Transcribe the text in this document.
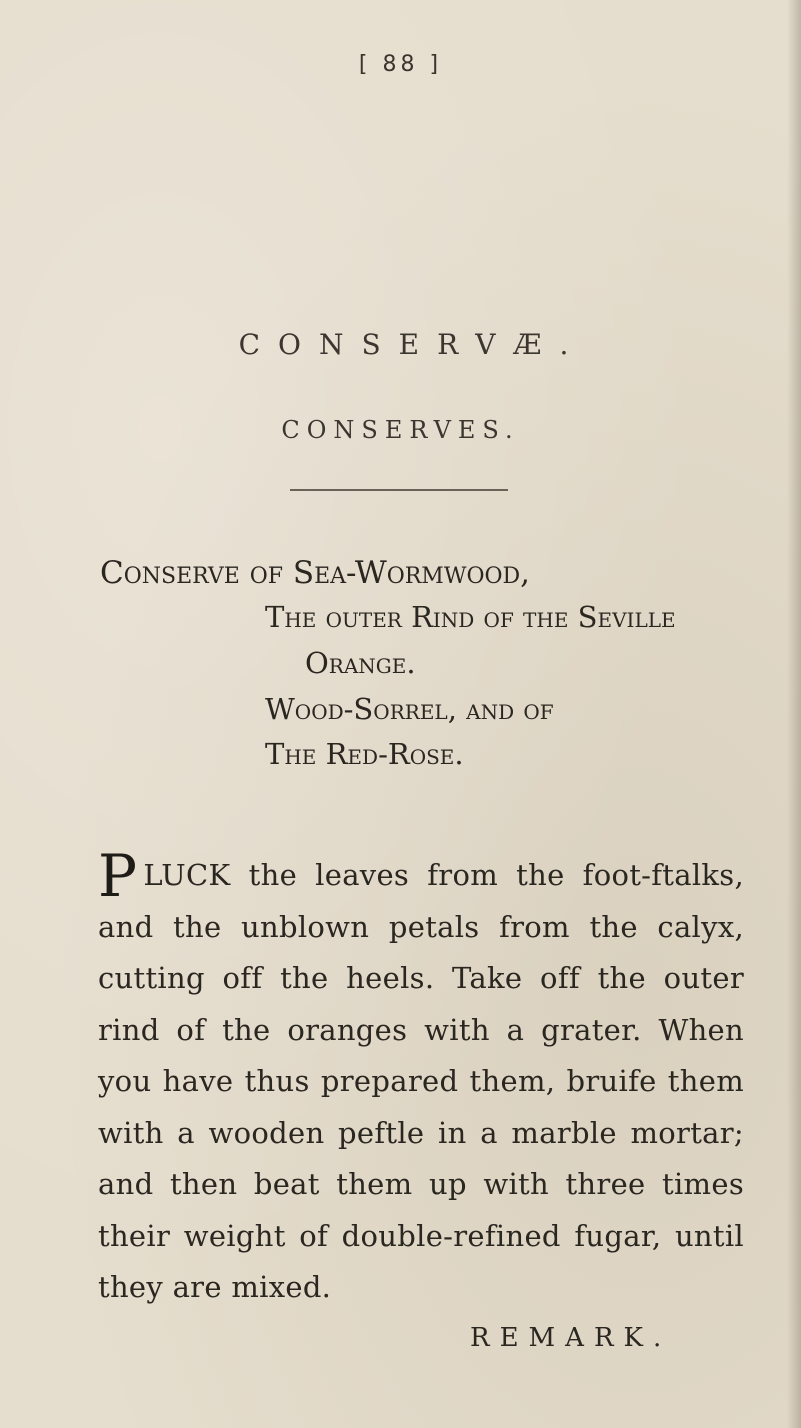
[ 88 ]
CONSERVÆ.
CONSERVES.
Conserve of Sea-Wormwood,
The outer Rind of the Seville
Orange.
Wood-Sorrel, and of
The Red-Rose.
PLUCK the leaves from the foot-ftalks, and the unblown petals from the calyx, cutting off the heels. Take off the outer rind of the oranges with a grater. When you have thus prepared them, bruife them with a wooden peftle in a marble mortar; and then beat them up with three times their weight of double-refined fugar, until they are mixed.
REMARK.
